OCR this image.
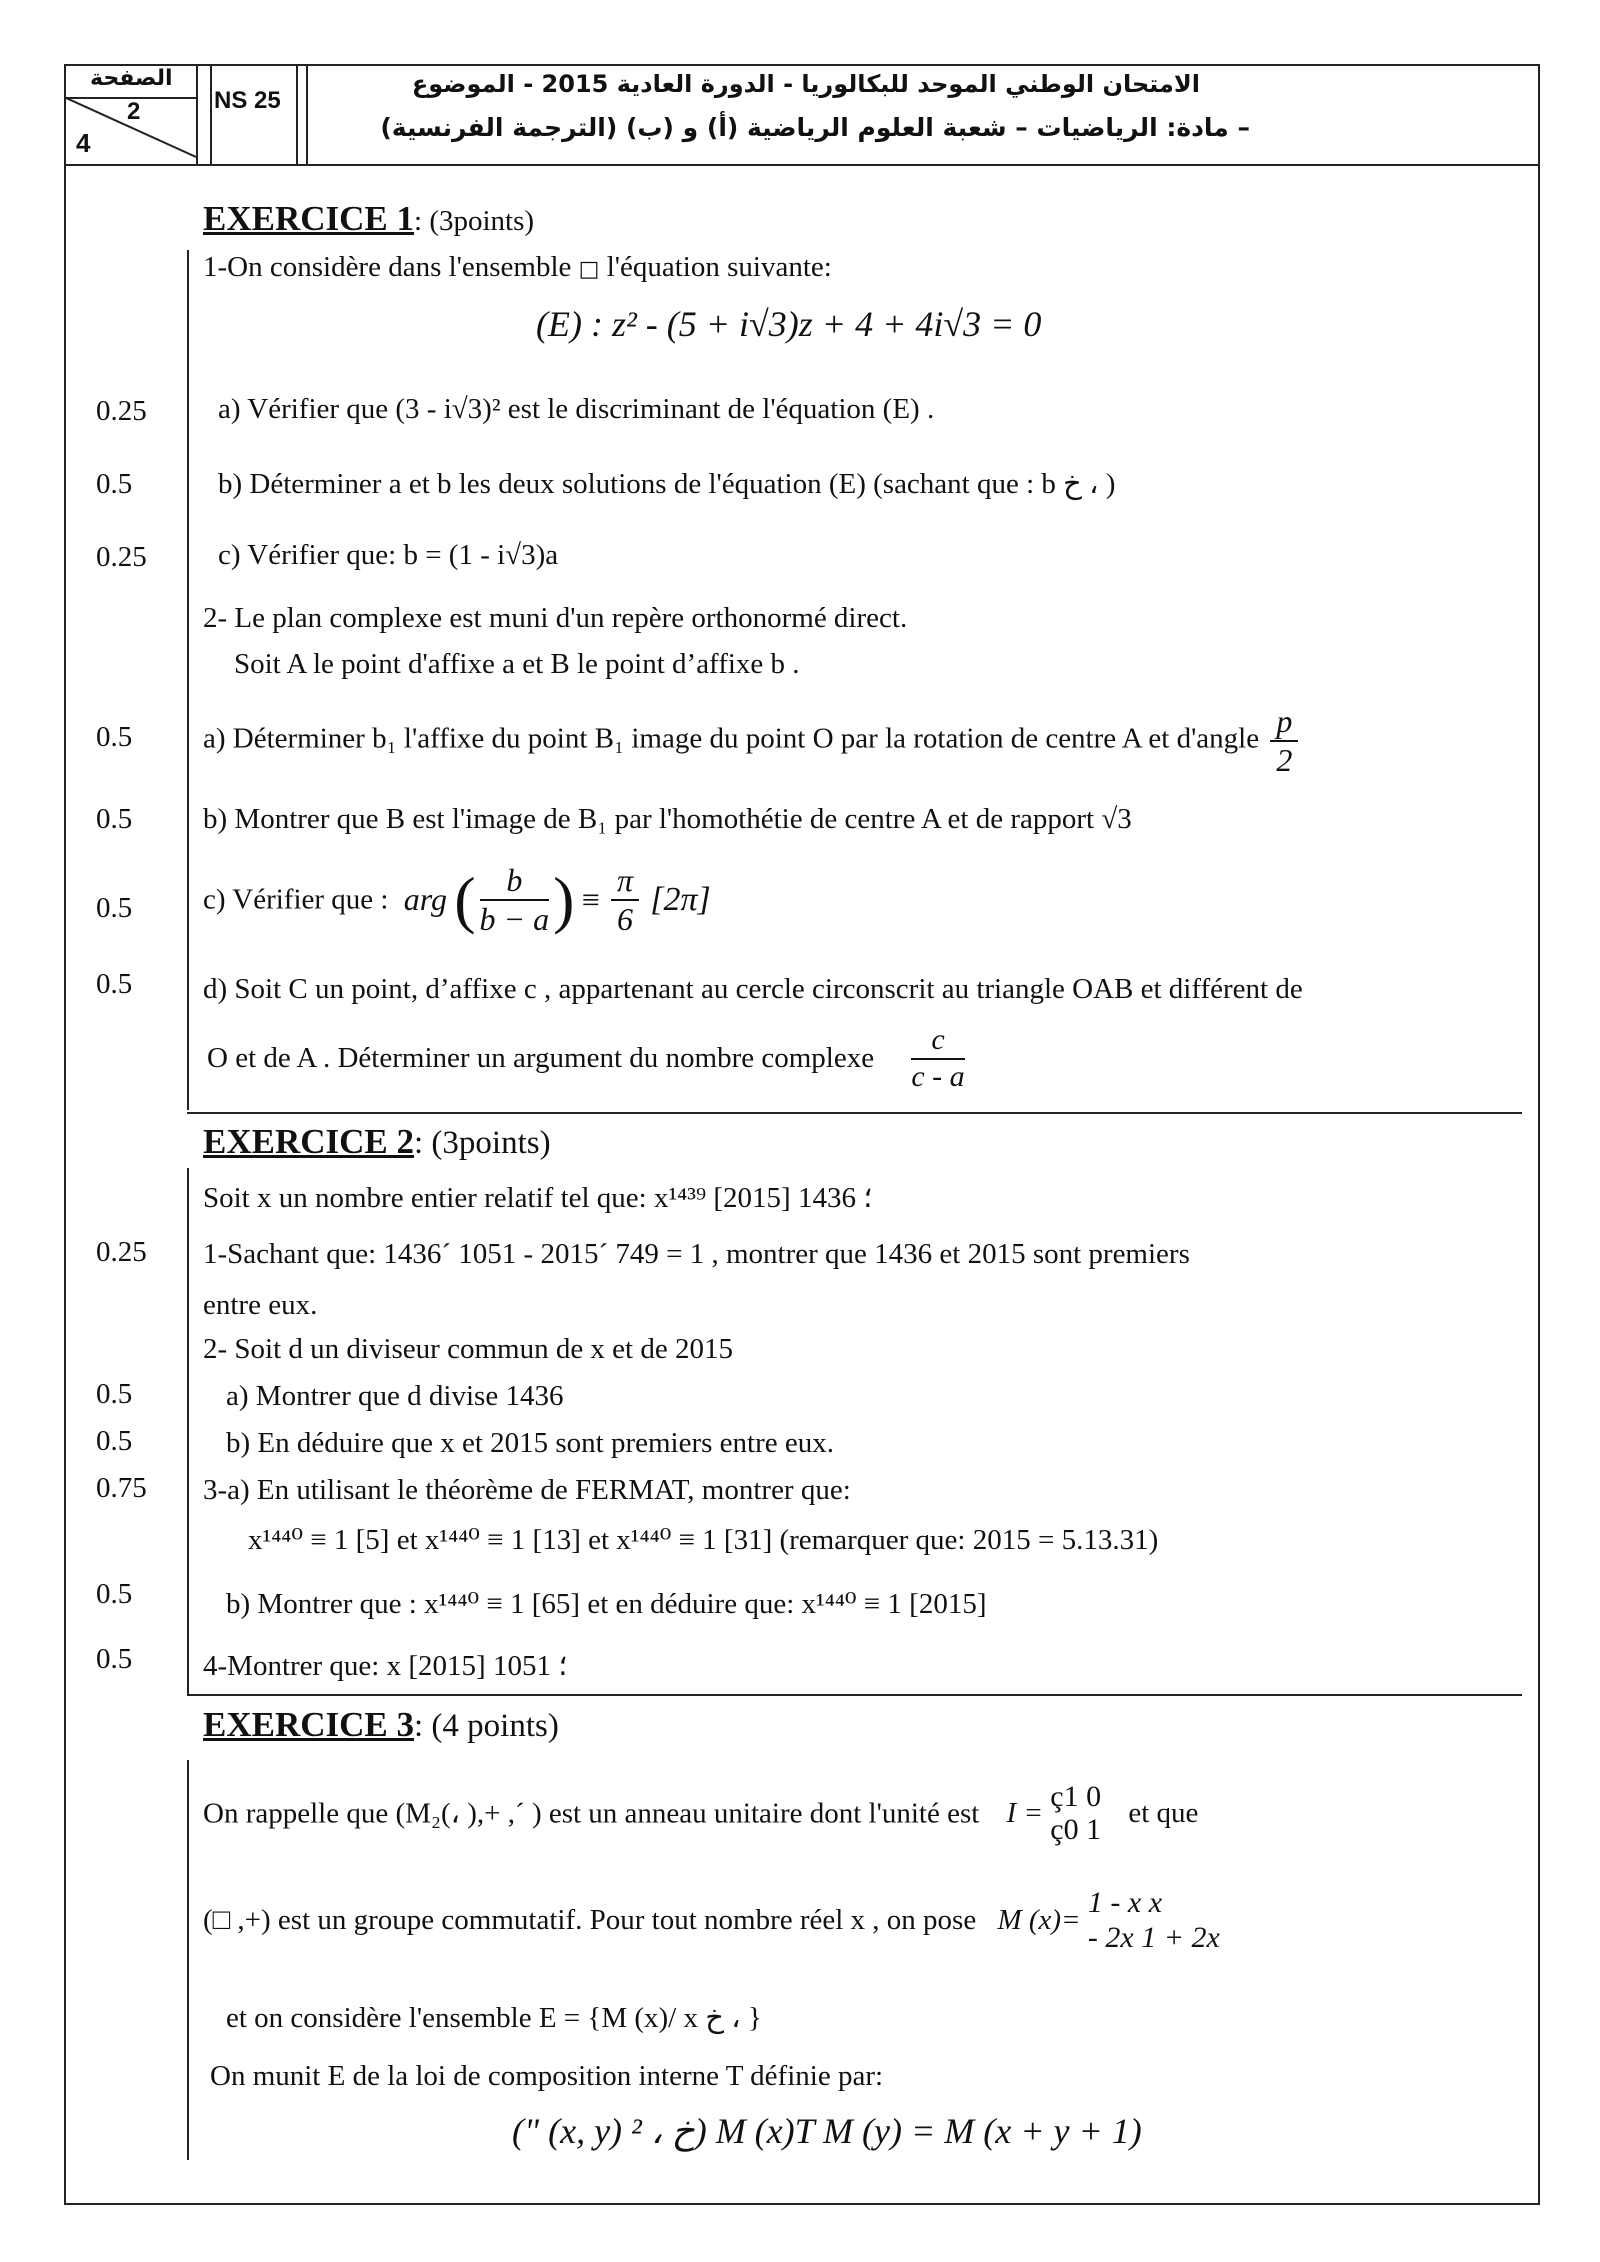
الصفحة
2
4
NS 25
الامتحان الوطني الموحد للبكالوريا - الدورة العادية 2015 - الموضوع
– مادة: الرياضيات – شعبة العلوم الرياضية (أ) و (ب) (الترجمة الفرنسية)
0.25
0.5
0.25
0.5
0.5
0.5
0.5
0.25
0.5
0.5
0.75
0.5
0.5
EXERCICE 1: (3points)
1-On considère dans l'ensemble □ l'équation suivante:
(E) : z² - (5 + i√3)z + 4 + 4i√3 = 0
a) Vérifier que (3 - i√3)² est le discriminant de l'équation (E) .
b) Déterminer a et b les deux solutions de l'équation (E) (sachant que : b خ ، )
c) Vérifier que: b = (1 - i√3)a
2- Le plan complexe est muni d'un repère orthonormé direct.
Soit A le point d'affixe a et B le point d’affixe b .
a) Déterminer b₁ l'affixe du point B₁ image du point O par la rotation de centre A et d'angle $\frac{p}{2}$
b) Montrer que B est l'image de B₁ par l'homothétie de centre A et de rapport √3
c) Vérifier que : arg ( $\frac{b}{b - a}$ ) ≡ $\frac{\pi}{6} [2\pi]$
d) Soit C un point, d’affixe c , appartenant au cercle circonscrit au triangle OAB et différent de
O et de A . Déterminer un argument du nombre complexe $\frac{c}{c - a}$
EXERCICE 2: (3points)
Soit x un nombre entier relatif tel que: x¹⁴³⁹ ؛ 1436 [2015]
1-Sachant que: 1436´ 1051 - 2015´ 749 = 1 , montrer que 1436 et 2015 sont premiers
entre eux.
2- Soit d un diviseur commun de x et de 2015
a) Montrer que d divise 1436
b) En déduire que x et 2015 sont premiers entre eux.
3-a) En utilisant le théorème de FERMAT, montrer que:
x¹⁴⁴⁰ ≡ 1 [5] et x¹⁴⁴⁰ ≡ 1 [13] et x¹⁴⁴⁰ ≡ 1 [31] (remarquer que: 2015 = 5.13.31)
b) Montrer que : x¹⁴⁴⁰ ≡ 1 [65] et en déduire que: x¹⁴⁴⁰ ≡ 1 [2015]
4-Montrer que: x ؛ 1051 [2015]
EXERCICE 3: (4 points)
On rappelle que (M₂(، ),+ ,´ ) est un anneau unitaire dont l'unité est I = ç1 0
ç0 1
et que
(□ ,+) est un groupe commutatif. Pour tout nombre réel x , on pose M (x)=
1 - x x
- 2x 1 + 2x
et on considère l'ensemble E = {M (x)/ x خ ، }
On munit E de la loi de composition interne T définie par:
(" (x, y) خ ، ²) M (x)T M (y) = M (x + y + 1)
